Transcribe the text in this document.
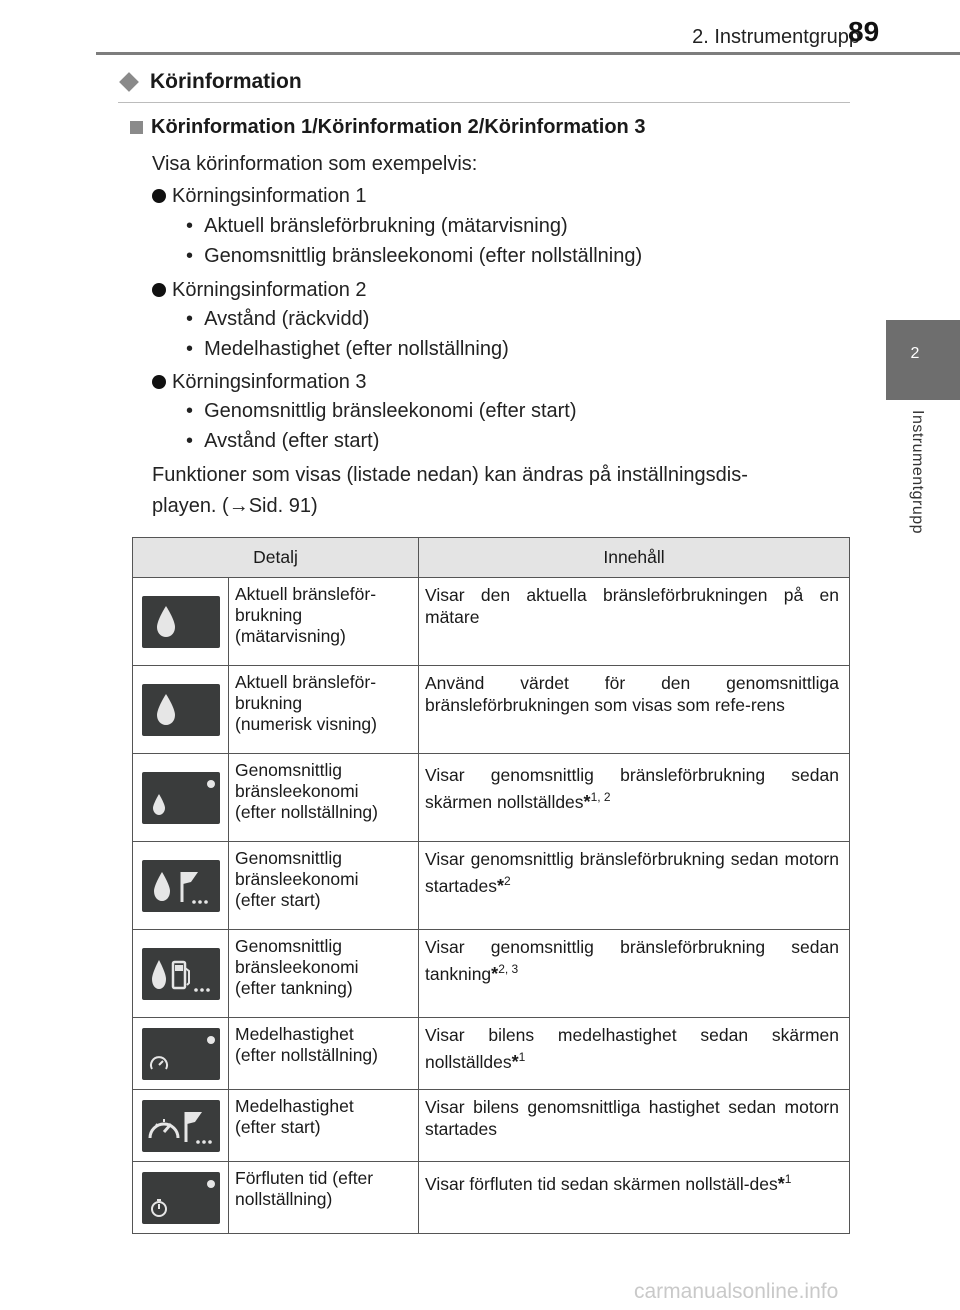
2. Instrumentgrupp
89
2
Instrumentgrupp
Körinformation
Körinformation 1/Körinformation 2/Körinformation 3
Visa körinformation som exempelvis:
Körningsinformation 1
•  Aktuell bränsleförbrukning (mätarvisning)
•  Genomsnittlig bränsleekonomi (efter nollställning)
Körningsinformation 2
•  Avstånd (räckvidd)
•  Medelhastighet (efter nollställning)
Körningsinformation 3
•  Genomsnittlig bränsleekonomi (efter start)
•  Avstånd (efter start)
Funktioner som visas (listade nedan) kan ändras på inställningsdis-
playen. (→Sid. 91)
Detalj		Innehåll

Aktuell bränsleför-
brukning
(mätarvisning)	Visar den aktuella bränsleförbrukningen på en mätare

Aktuell bränsleför-
brukning
(numerisk visning)	Använd värdet för den genomsnittliga bränsleförbrukningen som visas som refe-rens

Genomsnittlig
bränsleekonomi
(efter nollställning)	Visar genomsnittlig bränsleförbrukning sedan skärmen nollställdes*$^{1, 2}$

Genomsnittlig
bränsleekonomi
(efter start)	Visar genomsnittlig bränsleförbrukning sedan motorn startades*$^2$

Genomsnittlig
bränsleekonomi
(efter tankning)	Visar genomsnittlig bränsleförbrukning sedan tankning*$^{2, 3}$

Medelhastighet
(efter nollställning)	Visar bilens medelhastighet sedan skärmen nollställdes*$^1$

Medelhastighet
(efter start)	Visar bilens genomsnittliga hastighet sedan motorn startades

Förfluten tid (efter
nollställning)	Visar förfluten tid sedan skärmen nollställ-des*$^1$
carmanualsonline.info
